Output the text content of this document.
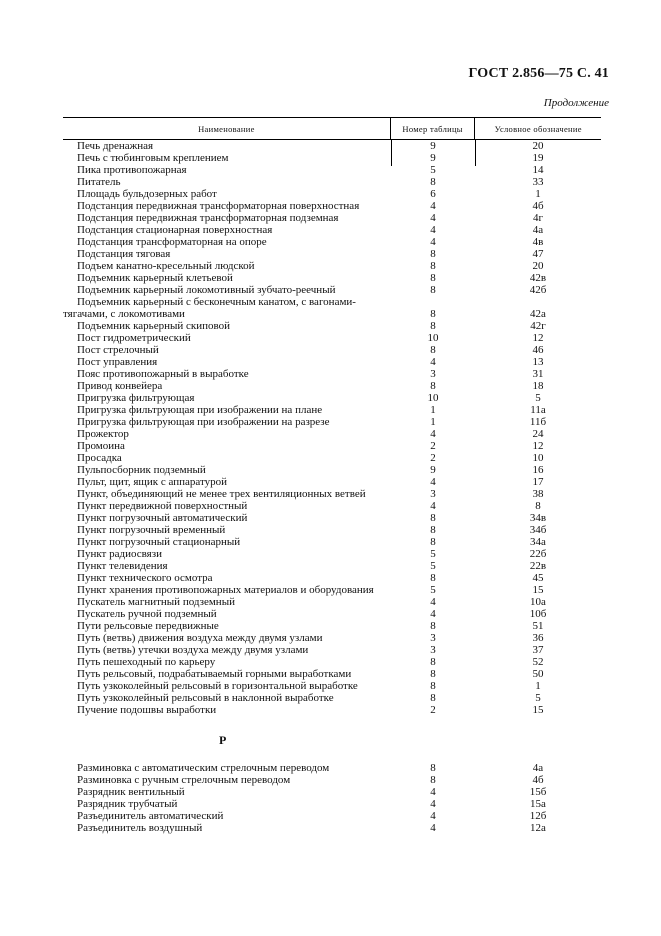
ГОСТ 2.856—75 С. 41
Продолжение
Наименование	Номер таблицы	Условное обозначение
Печь дренажная	9	20
Печь с тюбинговым креплением	9	19
Пика противопожарная	5	14
Питатель	8	33
Площадь бульдозерных работ	6	1
Подстанция передвижная трансформаторная поверхностная	4	4б
Подстанция передвижная трансформаторная подземная	4	4г
Подстанция стационарная поверхностная	4	4а
Подстанция трансформаторная на опоре	4	4в
Подстанция тяговая	8	47
Подъем канатно-кресельный людской	8	20
Подъемник карьерный клетьевой	8	42в
Подъемник карьерный локомотивный зубчато-реечный	8	42б
Подъемник карьерный с бесконечным канатом, с вагонами-тягачами, с локомотивами	8	42а
Подъемник карьерный скиповой	8	42г
Пост гидрометрический	10	12
Пост стрелочный	8	46
Пост управления	4	13
Пояс противопожарный в выработке	3	31
Привод конвейера	8	18
Пригрузка фильтрующая	10	5
Пригрузка фильтрующая при изображении на плане	1	11а
Пригрузка фильтрующая при изображении на разрезе	1	11б
Прожектор	4	24
Промоина	2	12
Просадка	2	10
Пульпосборник подземный	9	16
Пульт, щит, ящик с аппаратурой	4	17
Пункт, объединяющий не менее трех вентиляционных ветвей	3	38
Пункт передвижной поверхностный	4	8
Пункт погрузочный автоматический	8	34в
Пункт погрузочный временный	8	34б
Пункт погрузочный стационарный	8	34а
Пункт радиосвязи	5	22б
Пункт телевидения	5	22в
Пункт технического осмотра	8	45
Пункт хранения противопожарных материалов и оборудования	5	15
Пускатель магнитный подземный	4	10а
Пускатель ручной подземный	4	10б
Пути рельсовые передвижные	8	51
Путь (ветвь) движения воздуха между двумя узлами	3	36
Путь (ветвь) утечки воздуха между двумя узлами	3	37
Путь пешеходный по карьеру	8	52
Путь рельсовый, подрабатываемый горными выработками	8	50
Путь узкоколейный рельсовый в горизонтальной выработке	8	1
Путь узкоколейный рельсовый в наклонной выработке	8	5
Пучение подошвы выработки	2	15
Р
Разминовка с автоматическим стрелочным переводом	8	4а
Разминовка с ручным стрелочным переводом	8	4б
Разрядник вентильный	4	15б
Разрядник трубчатый	4	15а
Разъединитель автоматический	4	12б
Разъединитель воздушный	4	12а
